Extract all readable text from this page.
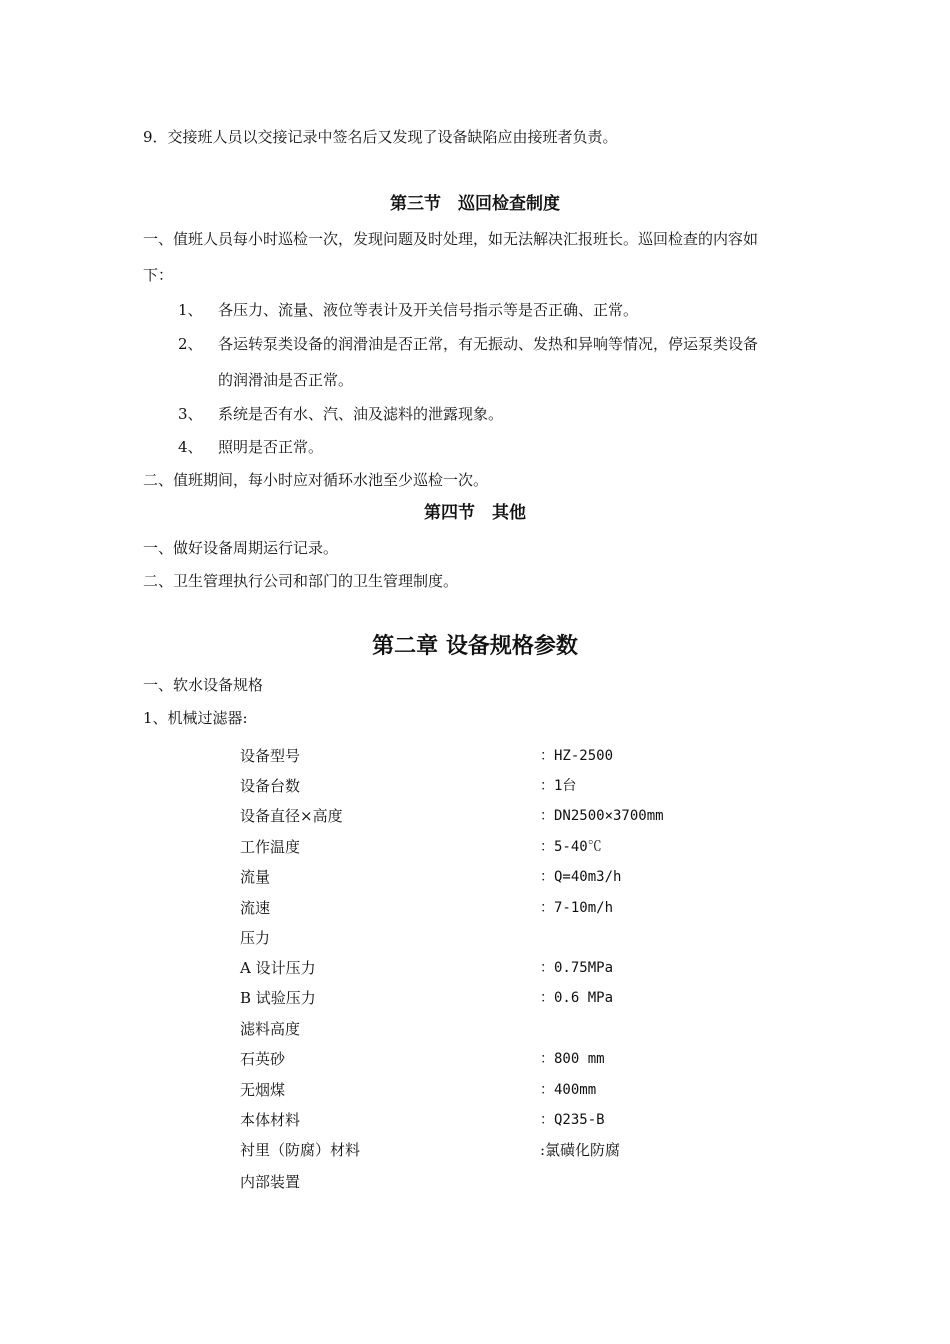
9．交接班人员以交接记录中签名后又发现了设备缺陷应由接班者负责。
第三节　巡回检查制度
一、值班人员每小时巡检一次，发现问题及时处理，如无法解决汇报班长。巡回检查的内容如
下：
1、 各压力、流量、液位等表计及开关信号指示等是否正确、正常。
2、 各运转泵类设备的润滑油是否正常，有无振动、发热和异响等情况，停运泵类设备
的润滑油是否正常。
3、 系统是否有水、汽、油及滤料的泄露现象。
4、 照明是否正常。
二、值班期间，每小时应对循环水池至少巡检一次。
第四节　其他
一、做好设备周期运行记录。
二、卫生管理执行公司和部门的卫生管理制度。
第二章 设备规格参数
一、软水设备规格
1、机械过滤器:
设备型号	：HZ-2500
设备台数	：1台
设备直径×高度	：DN2500×3700mm
工作温度	：5-40℃
流量	：Q=40m3/h
流速	：7-10m/h
压力
A 设计压力	：0.75MPa
B 试验压力	：0.6 MPa
滤料高度
石英砂	：800 mm
无烟煤	：400mm
本体材料	：Q235-B
衬里（防腐）材料	:氯磺化防腐
内部装置
